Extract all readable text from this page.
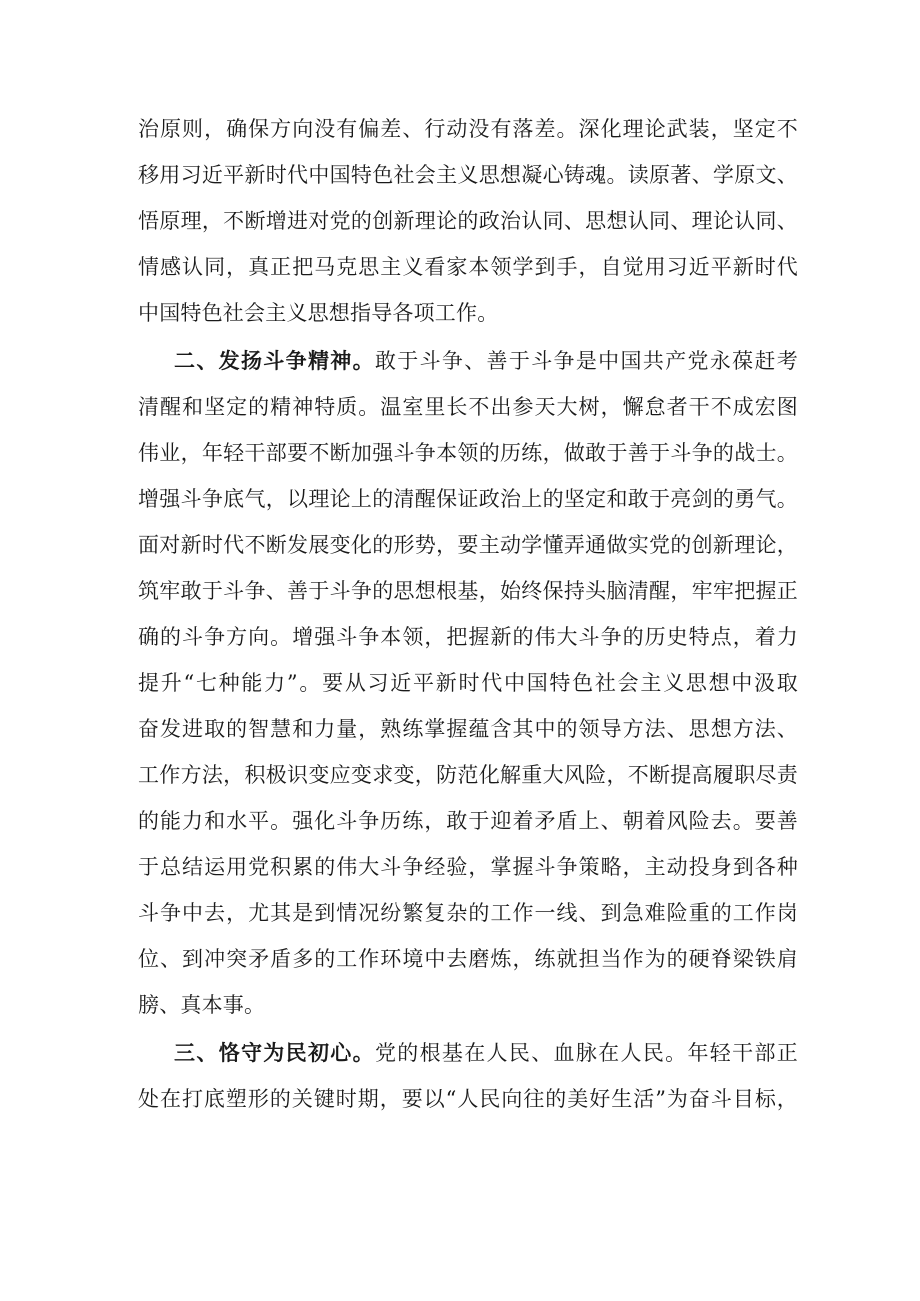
治原则，确保方向没有偏差、行动没有落差。深化理论武装，坚定不
移用习近平新时代中国特色社会主义思想凝心铸魂。读原著、学原文、
悟原理，不断增进对党的创新理论的政治认同、思想认同、理论认同、
情感认同，真正把马克思主义看家本领学到手，自觉用习近平新时代
中国特色社会主义思想指导各项工作。
二、发扬斗争精神。敢于斗争、善于斗争是中国共产党永葆赶考
清醒和坚定的精神特质。温室里长不出参天大树，懈怠者干不成宏图
伟业，年轻干部要不断加强斗争本领的历练，做敢于善于斗争的战士。
增强斗争底气，以理论上的清醒保证政治上的坚定和敢于亮剑的勇气。
面对新时代不断发展变化的形势，要主动学懂弄通做实党的创新理论，
筑牢敢于斗争、善于斗争的思想根基，始终保持头脑清醒，牢牢把握正
确的斗争方向。增强斗争本领，把握新的伟大斗争的历史特点，着力
提升“七种能力”。要从习近平新时代中国特色社会主义思想中汲取
奋发进取的智慧和力量，熟练掌握蕴含其中的领导方法、思想方法、
工作方法，积极识变应变求变，防范化解重大风险，不断提高履职尽责
的能力和水平。强化斗争历练，敢于迎着矛盾上、朝着风险去。要善
于总结运用党积累的伟大斗争经验，掌握斗争策略，主动投身到各种
斗争中去，尤其是到情况纷繁复杂的工作一线、到急难险重的工作岗
位、到冲突矛盾多的工作环境中去磨炼，练就担当作为的硬脊梁铁肩
膀、真本事。
三、恪守为民初心。党的根基在人民、血脉在人民。年轻干部正
处在打底塑形的关键时期，要以“人民向往的美好生活”为奋斗目标，
